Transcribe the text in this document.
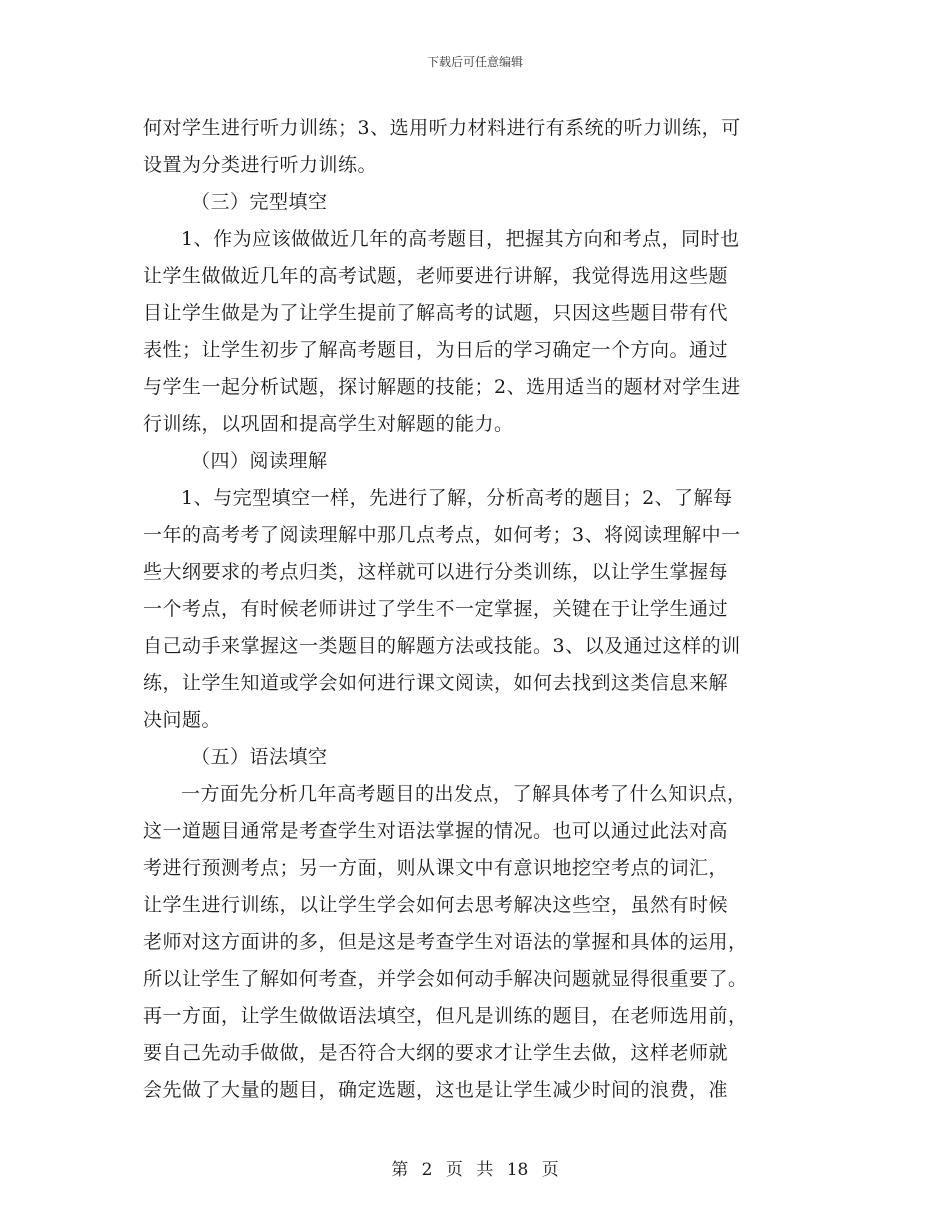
下载后可任意编辑
何对学生进行听力训练；3、选用听力材料进行有系统的听力训练，可
设置为分类进行听力训练。
（三）完型填空
1、作为应该做做近几年的高考题目，把握其方向和考点，同时也
让学生做做近几年的高考试题，老师要进行讲解，我觉得选用这些题
目让学生做是为了让学生提前了解高考的试题，只因这些题目带有代
表性；让学生初步了解高考题目，为日后的学习确定一个方向。通过
与学生一起分析试题，探讨解题的技能；2、选用适当的题材对学生进
行训练，以巩固和提高学生对解题的能力。
（四）阅读理解
1、与完型填空一样，先进行了解，分析高考的题目；2、了解每
一年的高考考了阅读理解中那几点考点，如何考；3、将阅读理解中一
些大纲要求的考点归类，这样就可以进行分类训练，以让学生掌握每
一个考点，有时候老师讲过了学生不一定掌握，关键在于让学生通过
自己动手来掌握这一类题目的解题方法或技能。3、以及通过这样的训
练，让学生知道或学会如何进行课文阅读，如何去找到这类信息来解
决问题。
（五）语法填空
一方面先分析几年高考题目的出发点，了解具体考了什么知识点，
这一道题目通常是考查学生对语法掌握的情况。也可以通过此法对高
考进行预测考点；另一方面，则从课文中有意识地挖空考点的词汇，
让学生进行训练，以让学生学会如何去思考解决这些空，虽然有时候
老师对这方面讲的多，但是这是考查学生对语法的掌握和具体的运用，
所以让学生了解如何考查，并学会如何动手解决问题就显得很重要了。
再一方面，让学生做做语法填空，但凡是训练的题目，在老师选用前，
要自己先动手做做，是否符合大纲的要求才让学生去做，这样老师就
会先做了大量的题目，确定选题，这也是让学生减少时间的浪费，准
第 2 页 共 18 页
